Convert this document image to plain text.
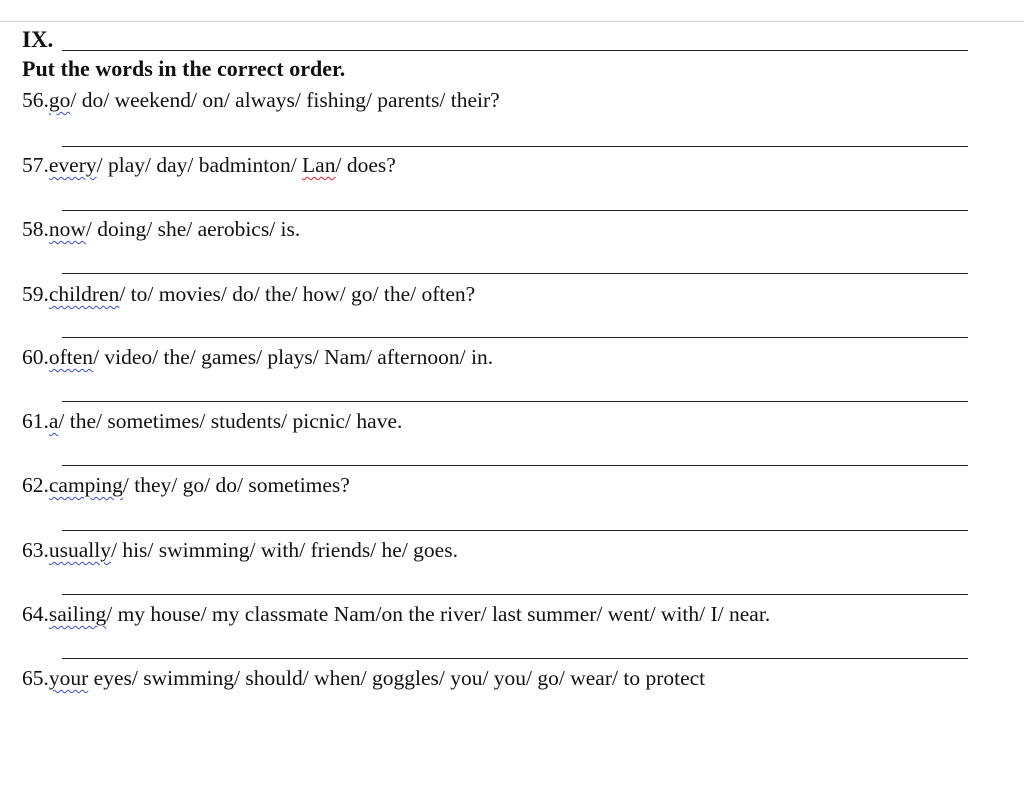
IX.
Put the words in the correct order.
56.go/ do/ weekend/ on/ always/ fishing/ parents/ their?
57.every/ play/ day/ badminton/ Lan/ does?
58.now/ doing/ she/ aerobics/ is.
59.children/ to/ movies/ do/ the/ how/ go/ the/ often?
60.often/ video/ the/ games/ plays/ Nam/ afternoon/ in.
61.a/ the/ sometimes/ students/ picnic/ have.
62.camping/ they/ go/ do/ sometimes?
63.usually/ his/ swimming/ with/ friends/ he/ goes.
64.sailing/ my house/ my classmate Nam/on the river/ last summer/ went/ with/ I/ near.
65.your eyes/ swimming/ should/ when/ goggles/ you/ you/ go/ wear/ to protect
